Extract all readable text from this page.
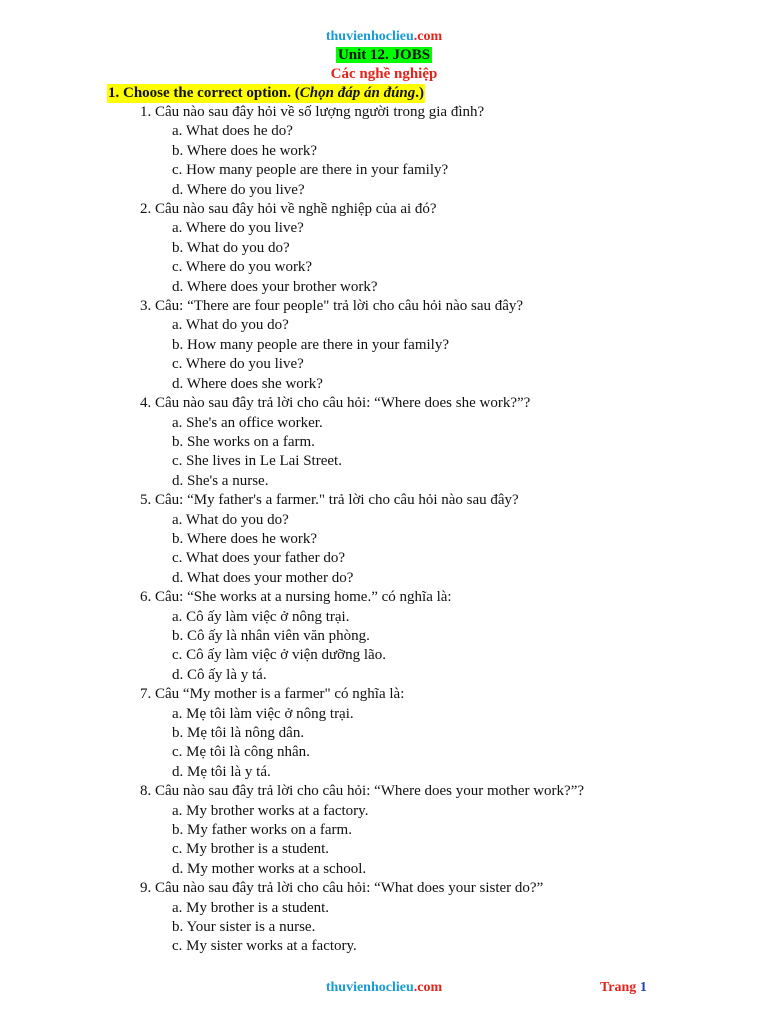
thuvienhoclieu.com
Unit 12. JOBS
Các nghề nghiệp
1. Choose the correct option. (Chọn đáp án đúng.)
1. Câu nào sau đây hỏi về số lượng người trong gia đình?
a. What does he do?
b. Where does he work?
c. How many people are there in your family?
d. Where do you live?
2. Câu nào sau đây hỏi về nghề nghiệp của ai đó?
a. Where do you live?
b. What do you do?
c. Where do you work?
d. Where does your brother work?
3. Câu: “There are four people" trả lời cho câu hỏi nào sau đây?
a. What do you do?
b. How many people are there in your family?
c. Where do you live?
d. Where does she work?
4. Câu nào sau đây trả lời cho câu hỏi: “Where does she work?”?
a. She's an office worker.
b. She works on a farm.
c. She lives in Le Lai Street.
d. She's a nurse.
5. Câu: “My father's a farmer." trả lời cho câu hỏi nào sau đây?
a. What do you do?
b. Where does he work?
c. What does your father do?
d. What does your mother do?
6. Câu: “She works at a nursing home.” có nghĩa là:
a. Cô ấy làm việc ở nông trại.
b. Cô ấy là nhân viên văn phòng.
c. Cô ấy làm việc ở viện dưỡng lão.
d. Cô ấy là y tá.
7. Câu “My mother is a farmer" có nghĩa là:
a. Mẹ tôi làm việc ở nông trại.
b. Mẹ tôi là nông dân.
c. Mẹ tôi là công nhân.
d. Mẹ tôi là y tá.
8. Câu nào sau đây trả lời cho câu hỏi: “Where does your mother work?”?
a. My brother works at a factory.
b. My father works on a farm.
c. My brother is a student.
d. My mother works at a school.
9. Câu nào sau đây trả lời cho câu hỏi: “What does your sister do?”
a. My brother is a student.
b. Your sister is a nurse.
c. My sister works at a factory.
thuvienhoclieu.com	Trang 1
